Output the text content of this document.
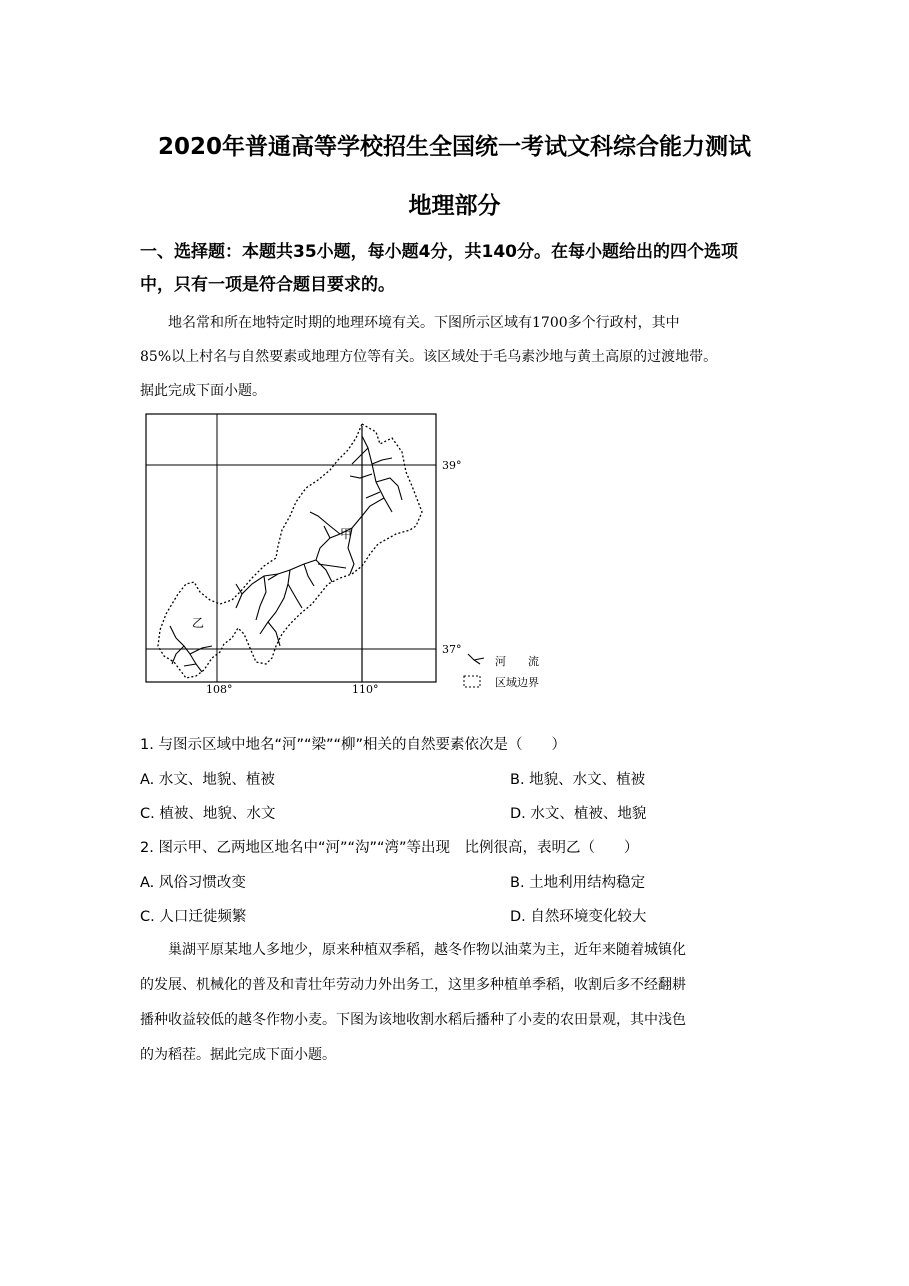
2020年普通高等学校招生全国统一考试文科综合能力测试
地理部分
一、选择题：本题共35小题，每小题4分，共140分。在每小题给出的四个选项
中，只有一项是符合题目要求的。
地名常和所在地特定时期的地理环境有关。下图所示区域有1700多个行政村，其中
85%以上村名与自然要素或地理方位等有关。该区域处于毛乌素沙地与黄土高原的过渡地带。
据此完成下面小题。
39°
37°
108°	110°
甲
乙
河　　流
区域边界
1. 与图示区域中地名“河”“梁”“柳”相关的自然要素依次是（　　）
A. 水文、地貌、植被	B. 地貌、水文、植被
C. 植被、地貌、水文	D. 水文、植被、地貌
2. 图示甲、乙两地区地名中“河”“沟”“湾”等出现　比例很高，表明乙（　　）
A. 风俗习惯改变	B. 土地利用结构稳定
C. 人口迁徙频繁	D. 自然环境变化较大
巢湖平原某地人多地少，原来种植双季稻，越冬作物以油菜为主，近年来随着城镇化
的发展、机械化的普及和青壮年劳动力外出务工，这里多种植单季稻，收割后多不经翻耕
播种收益较低的越冬作物小麦。下图为该地收割水稻后播种了小麦的农田景观，其中浅色
的为稻茬。据此完成下面小题。
